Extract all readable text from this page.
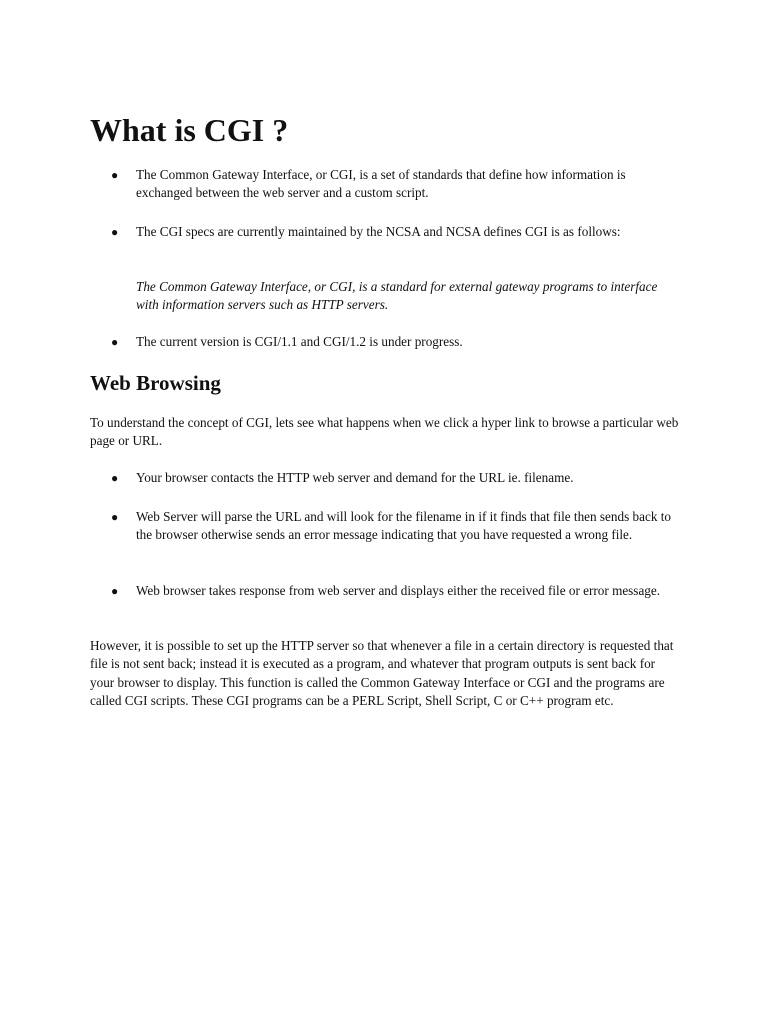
What is CGI ?

● The Common Gateway Interface, or CGI, is a set of standards that define how information is exchanged between the web server and a custom script.

● The CGI specs are currently maintained by the NCSA and NCSA defines CGI is as follows:

The Common Gateway Interface, or CGI, is a standard for external gateway programs to interface with information servers such as HTTP servers.

● The current version is CGI/1.1 and CGI/1.2 is under progress.

Web Browsing

To understand the concept of CGI, lets see what happens when we click a hyper link to browse a particular web page or URL.

● Your browser contacts the HTTP web server and demand for the URL ie. filename.

● Web Server will parse the URL and will look for the filename in if it finds that file then sends back to the browser otherwise sends an error message indicating that you have requested a wrong file.

● Web browser takes response from web server and displays either the received file or error message.

However, it is possible to set up the HTTP server so that whenever a file in a certain directory is requested that file is not sent back; instead it is executed as a program, and whatever that program outputs is sent back for your browser to display. This function is called the Common Gateway Interface or CGI and the programs are called CGI scripts. These CGI programs can be a PERL Script, Shell Script, C or C++ program etc.
